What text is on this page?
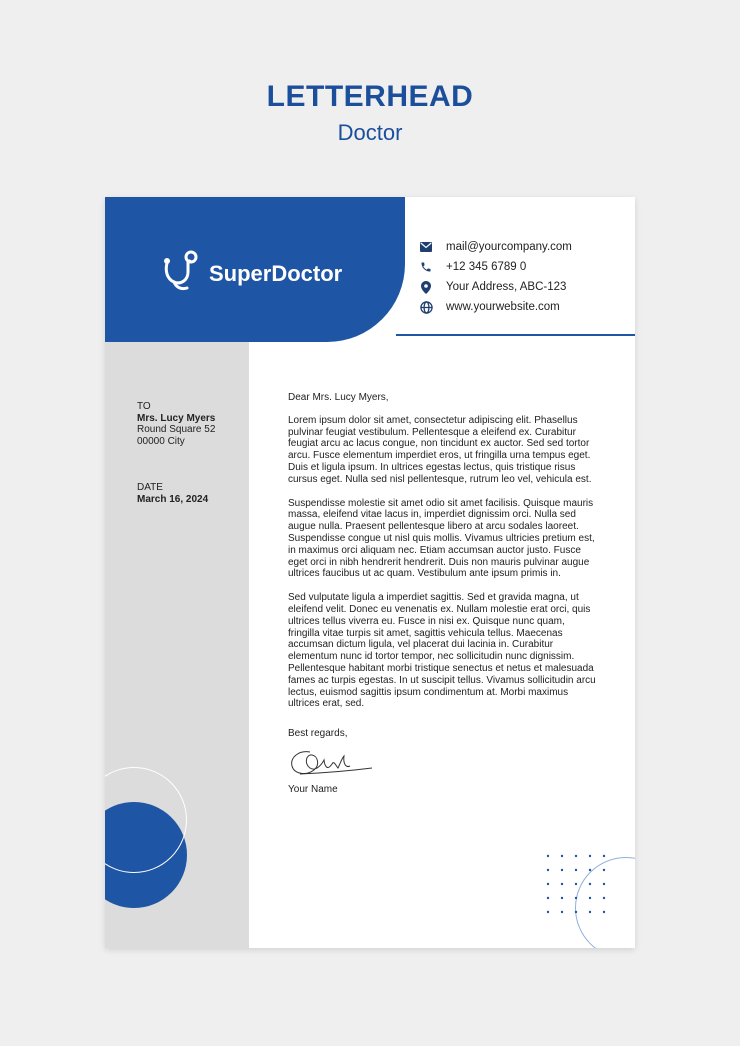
LETTERHEAD
Doctor
SuperDoctor
mail@yourcompany.com
+12 345 6789 0
Your Address, ABC-123
www.yourwebsite.com
TO
Mrs. Lucy Myers
Round Square 52
00000 City
DATE
March 16, 2024

Dear Mrs. Lucy Myers,

Lorem ipsum dolor sit amet, consectetur adipiscing elit. Phasellus pulvinar feugiat vestibulum. Pellentesque a eleifend ex. Curabitur feugiat arcu ac lacus congue, non tincidunt ex auctor. Sed sed tortor arcu. Fusce elementum imperdiet eros, ut fringilla urna tempus eget. Duis et ligula ipsum. In ultrices egestas lectus, quis tristique risus cursus eget. Nulla sed nisl pellentesque, rutrum leo vel, vehicula est.

Suspendisse molestie sit amet odio sit amet facilisis. Quisque mauris massa, eleifend vitae lacus in, imperdiet dignissim orci. Nulla sed augue nulla. Praesent pellentesque libero at arcu sodales laoreet. Suspendisse congue ut nisl quis mollis. Vivamus ultricies pretium est, in maximus orci aliquam nec. Etiam accumsan auctor justo. Fusce eget orci in nibh hendrerit hendrerit. Duis non mauris pulvinar augue ultrices faucibus ut ac quam. Vestibulum ante ipsum primis in.

Sed vulputate ligula a imperdiet sagittis. Sed et gravida magna, ut eleifend velit. Donec eu venenatis ex. Nullam molestie erat orci, quis ultrices tellus viverra eu. Fusce in nisi ex. Quisque nunc quam, fringilla vitae turpis sit amet, sagittis vehicula tellus. Maecenas accumsan dictum ligula, vel placerat dui lacinia in. Curabitur elementum nunc id tortor tempor, nec sollicitudin nunc dignissim. Pellentesque habitant morbi tristique senectus et netus et malesuada fames ac turpis egestas. In ut suscipit tellus. Vivamus sollicitudin arcu lectus, euismod sagittis ipsum condimentum at. Morbi maximus ultrices erat, sed.

Best regards,

Your Name
